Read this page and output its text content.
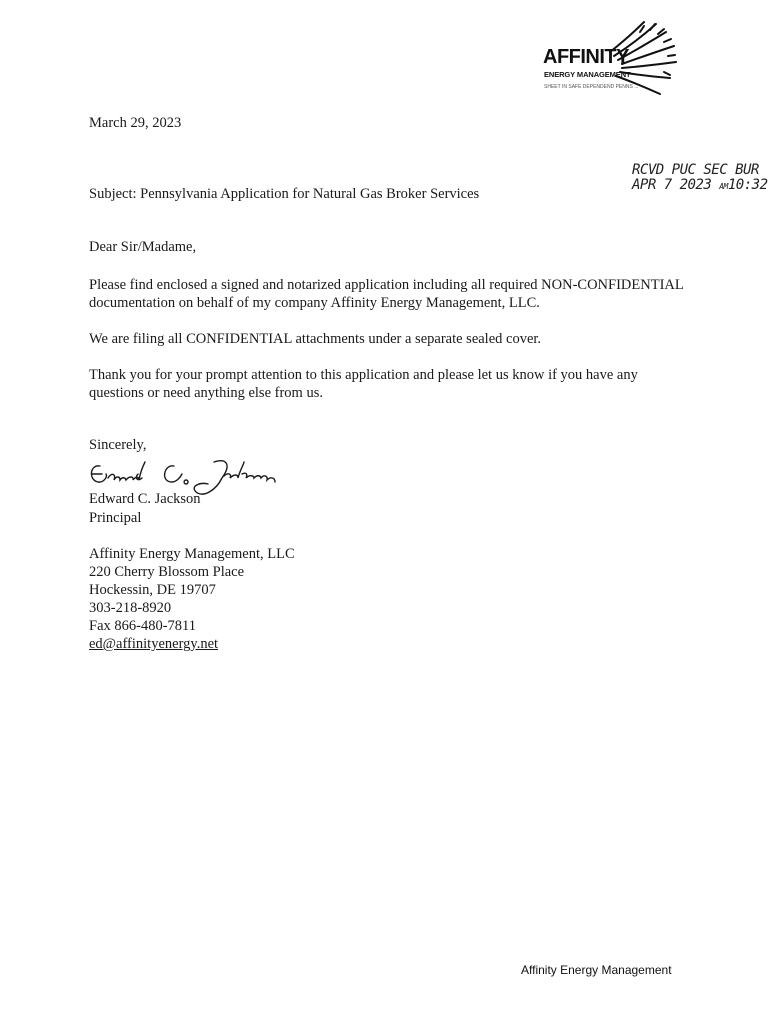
AFFINITY
ENERGY MANAGEMENT
SHEET IN SAFE DEPENDEND PENNS ...
RCVD PUC SEC BUR
APR 7 2023 AM10:32
March 29, 2023
Subject: Pennsylvania Application for Natural Gas Broker Services
Dear Sir/Madame,
Please find enclosed a signed and notarized application including all required NON-CONFIDENTIAL documentation on behalf of my company Affinity Energy Management, LLC.
We are filing all CONFIDENTIAL attachments under a separate sealed cover.
Thank you for your prompt attention to this application and please let us know if you have any questions or need anything else from us.
Sincerely,
Edward C. Jackson
Principal
Affinity Energy Management, LLC
220 Cherry Blossom Place
Hockessin, DE 19707
303-218-8920
Fax 866-480-7811
ed@affinityenergy.net
Affinity Energy Management
